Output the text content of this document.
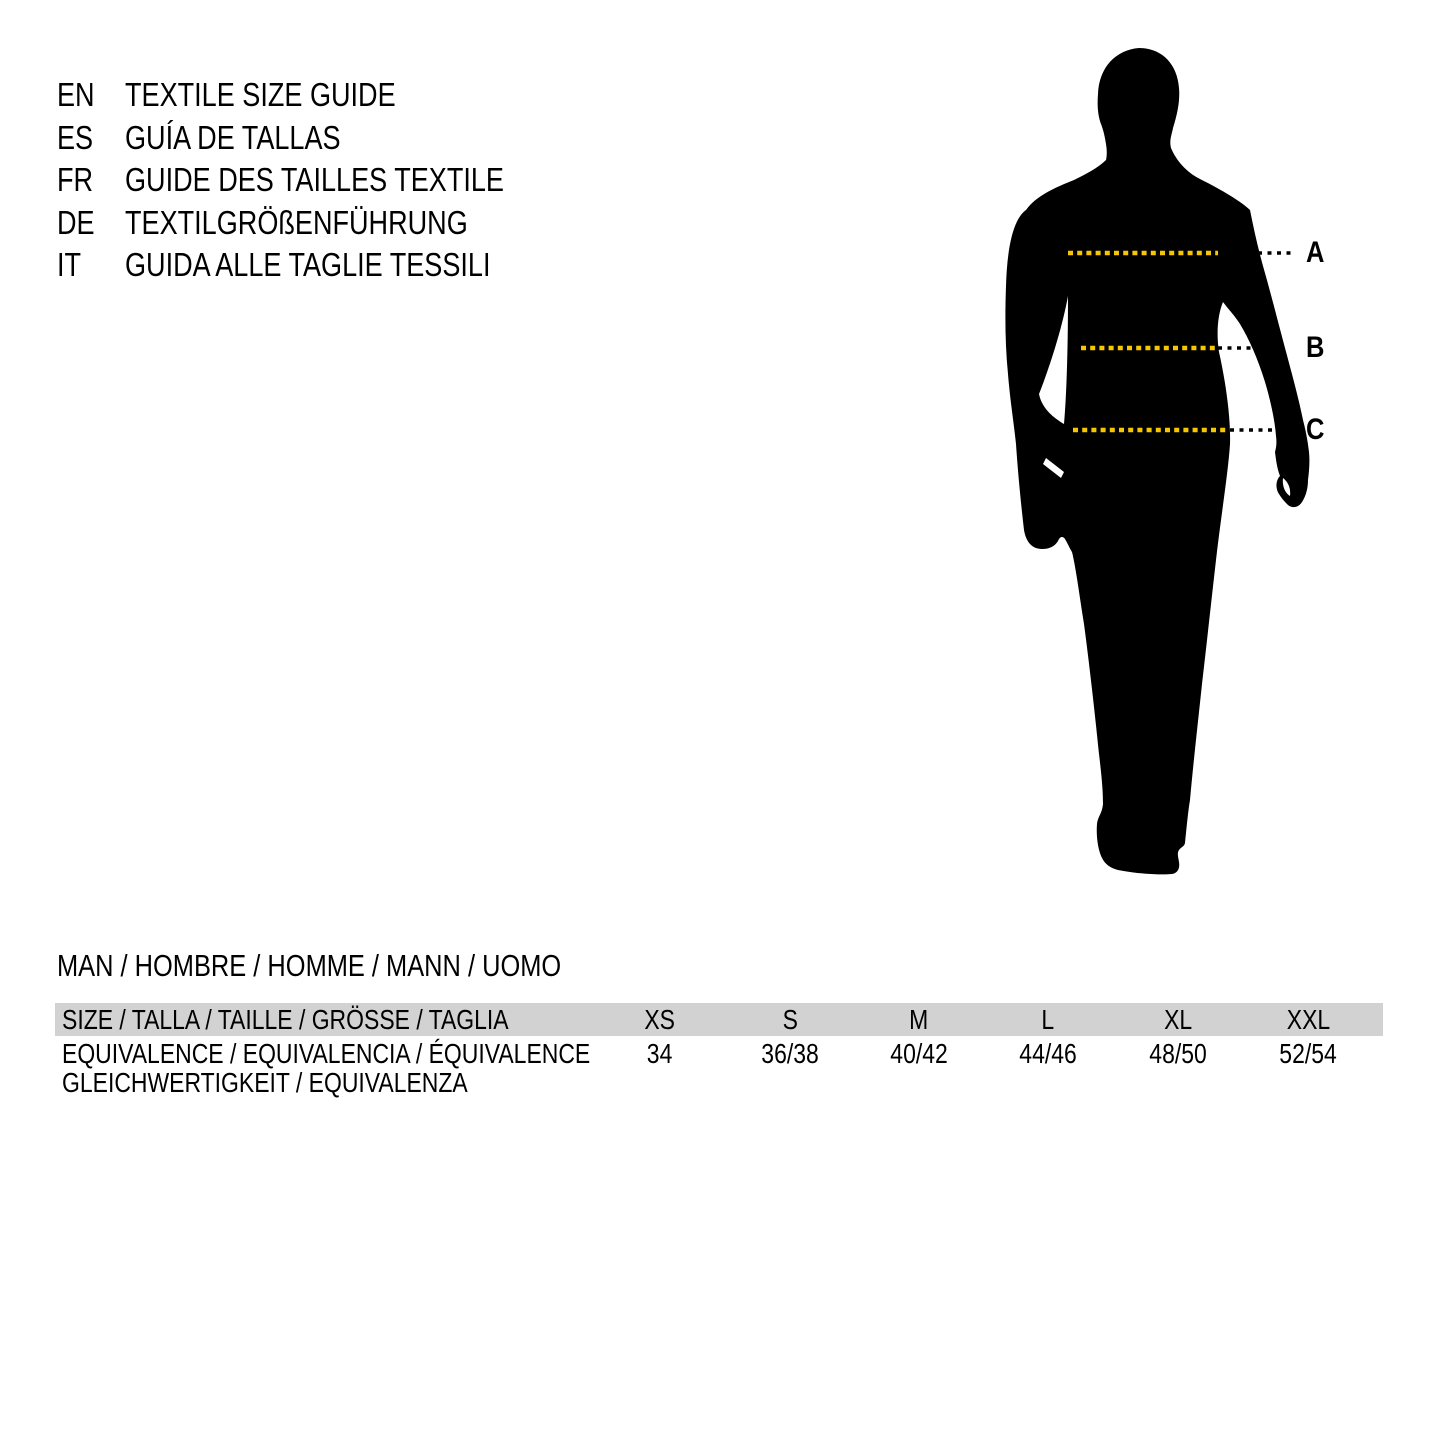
EN TEXTILE SIZE GUIDE
ES GUÍA DE TALLAS
FR GUIDE DES TAILLES TEXTILE
DE TEXTILGRÖßENFÜHRUNG
IT GUIDA ALLE TAGLIE TESSILI	A
B
C
MAN / HOMBRE / HOMME / MANN / UOMO
SIZE / TALLA / TAILLE / GRÖSSE / TAGLIA	XS	S	M	L	XL	XXL
EQUIVALENCE / EQUIVALENCIA / ÉQUIVALENCE	34	36/38	40/42	44/46	48/50	52/54
GLEICHWERTIGKEIT / EQUIVALENZA
